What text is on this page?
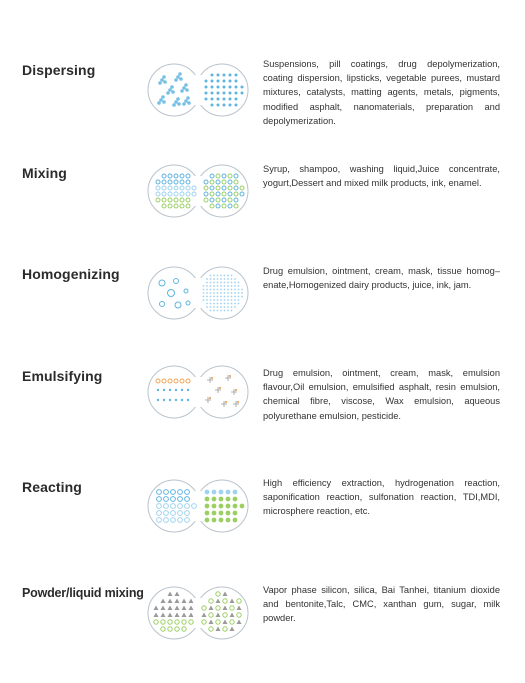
Dispersing	Suspensions, pill coatings, drug depolymerization, coating dispersion, lipsticks, vegetable purees, mustard mixtures, catalysts, matting agents, metals, pigments, modified asphalt, nanomaterials, preparation and depolymerization.
Mixing	Syrup, shampoo, washing liquid,Juice concentrate, yogurt,Dessert and mixed milk products, ink, enamel.
Homogenizing	Drug emulsion, ointment, cream, mask, tissue homog– enate,Homogenized dairy products, juice, ink, jam.
Emulsifying	Drug emulsion, ointment, cream, mask, emulsion flavour,Oil emulsion, emulsified asphalt, resin emulsion, chemical fibre, viscose, Wax emulsion, aqueous polyurethane emulsion, pesticide.
Reacting	High efficiency extraction, hydrogenation reaction, saponification reaction, sulfonation reaction, TDI,MDI, microsphere reaction, etc.
Powder/liquid mixing	Vapor phase silicon, silica, Bai Tanhei, titanium dioxide and bentonite,Talc, CMC, xanthan gum, sugar, milk powder.
